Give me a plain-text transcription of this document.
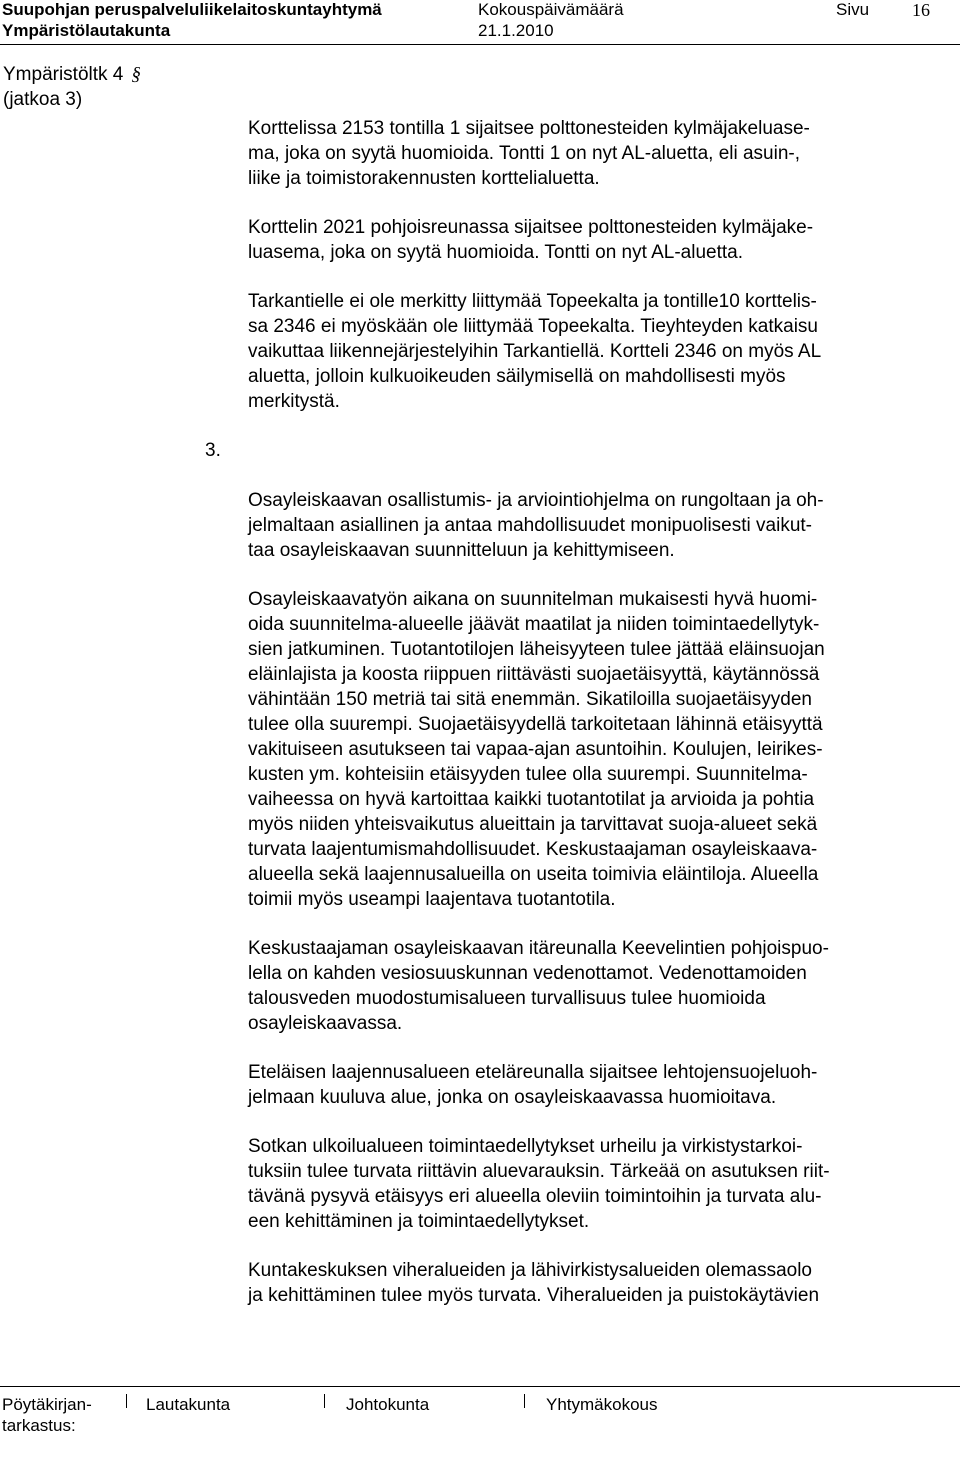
Suupohjan peruspalveluliikelaitoskuntayhtymä
Ympäristölautakunta
Kokouspäivämäärä
21.1.2010
Sivu 16
Ympäristöltk 4 §
(jatkoa 3)

Korttelissa 2153 tontilla 1 sijaitsee polttonesteiden kylmäjakeluase-
ma, joka on syytä huomioida. Tontti 1 on nyt AL-aluetta, eli asuin-,
liike ja toimistorakennusten korttelialuetta.

Korttelin 2021 pohjoisreunassa sijaitsee polttonesteiden kylmäjake-
luasema, joka on syytä huomioida. Tontti on nyt AL-aluetta.

Tarkantielle ei ole merkitty liittymää Topeekalta ja tontille10 korttelis-
sa 2346 ei myöskään ole liittymää Topeekalta. Tieyhteyden katkaisu
vaikuttaa liikennejärjestelyihin Tarkantiellä. Kortteli 2346 on myös AL
aluetta, jolloin kulkuoikeuden säilymisellä on mahdollisesti myös
merkitystä.

3.

Osayleiskaavan osallistumis- ja arviointiohjelma on rungoltaan ja oh-
jelmaltaan asiallinen ja antaa mahdollisuudet monipuolisesti vaikut-
taa osayleiskaavan suunnitteluun ja kehittymiseen.

Osayleiskaavatyön aikana on suunnitelman mukaisesti hyvä huomi-
oida suunnitelma-alueelle jäävät maatilat ja niiden toimintaedellytyk-
sien jatkuminen. Tuotantotilojen läheisyyteen tulee jättää eläinsuojan
eläinlajista ja koosta riippuen riittävästi suojaetäisyyttä, käytännössä
vähintään 150 metriä tai sitä enemmän. Sikatiloilla suojaetäisyyden
tulee olla suurempi. Suojaetäisyydellä tarkoitetaan lähinnä etäisyyttä
vakituiseen asutukseen tai vapaa-ajan asuntoihin. Koulujen, leirikes-
kusten ym. kohteisiin etäisyyden tulee olla suurempi. Suunnitelma-
vaiheessa on hyvä kartoittaa kaikki tuotantotilat ja arvioida ja pohtia
myös niiden yhteisvaikutus alueittain ja tarvittavat suoja-alueet sekä
turvata laajentumismahdollisuudet. Keskustaajaman osayleiskaava-
alueella sekä laajennusalueilla on useita toimivia eläintiloja. Alueella
toimii myös useampi laajentava tuotantotila.

Keskustaajaman osayleiskaavan itäreunalla Keevelintien pohjoispuo-
lella on kahden vesiosuuskunnan vedenottamot. Vedenottamoiden
talousveden muodostumisalueen turvallisuus tulee huomioida
osayleiskaavassa.

Eteläisen laajennusalueen eteläreunalla sijaitsee lehtojensuojeluoh-
jelmaan kuuluva alue, jonka on osayleiskaavassa huomioitava.

Sotkan ulkoilualueen toimintaedellytykset urheilu ja virkistystarkoi-
tuksiin tulee turvata riittävin aluevarauksin. Tärkeää on asutuksen riit-
tävänä pysyvä etäisyys eri alueella oleviin toimintoihin ja turvata alu-
een kehittäminen ja toimintaedellytykset.

Kuntakeskuksen viheralueiden ja lähivirkistysalueiden olemassaolo
ja kehittäminen tulee myös turvata. Viheralueiden ja puistokäytävien

Pöytäkirjan-
tarkastus:
Lautakunta	Johtokunta	Yhtymäkokous
